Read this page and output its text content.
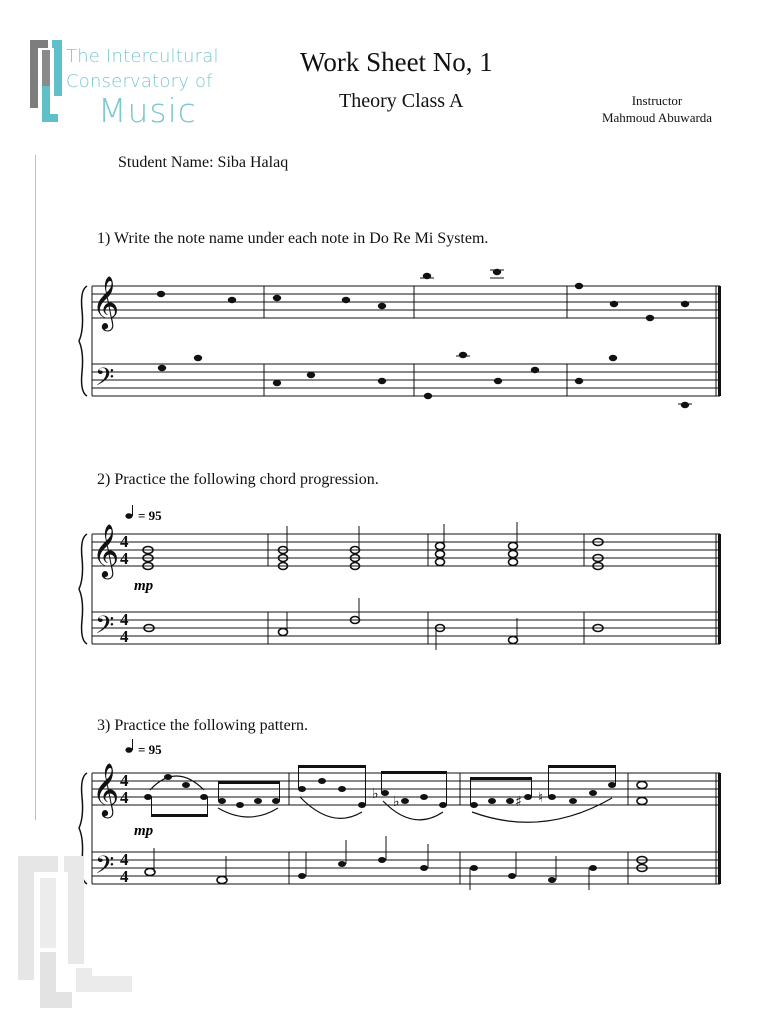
The Intercultural
Conservatory of
Music
Work Sheet No, 1
Theory Class A	Instructor
Mahmoud Abuwarda
Student Name: Siba Halaq
1) Write the note name under each note in Do Re Mi System.
2) Practice the following chord progression.
3) Practice the following pattern.
𝄞
𝄢
𝄞
𝄢
4
4
4
4
= 95
mp
𝄞
𝄢
4
4
4
4
= 95
mp
♭ ♭	♯ ♮
